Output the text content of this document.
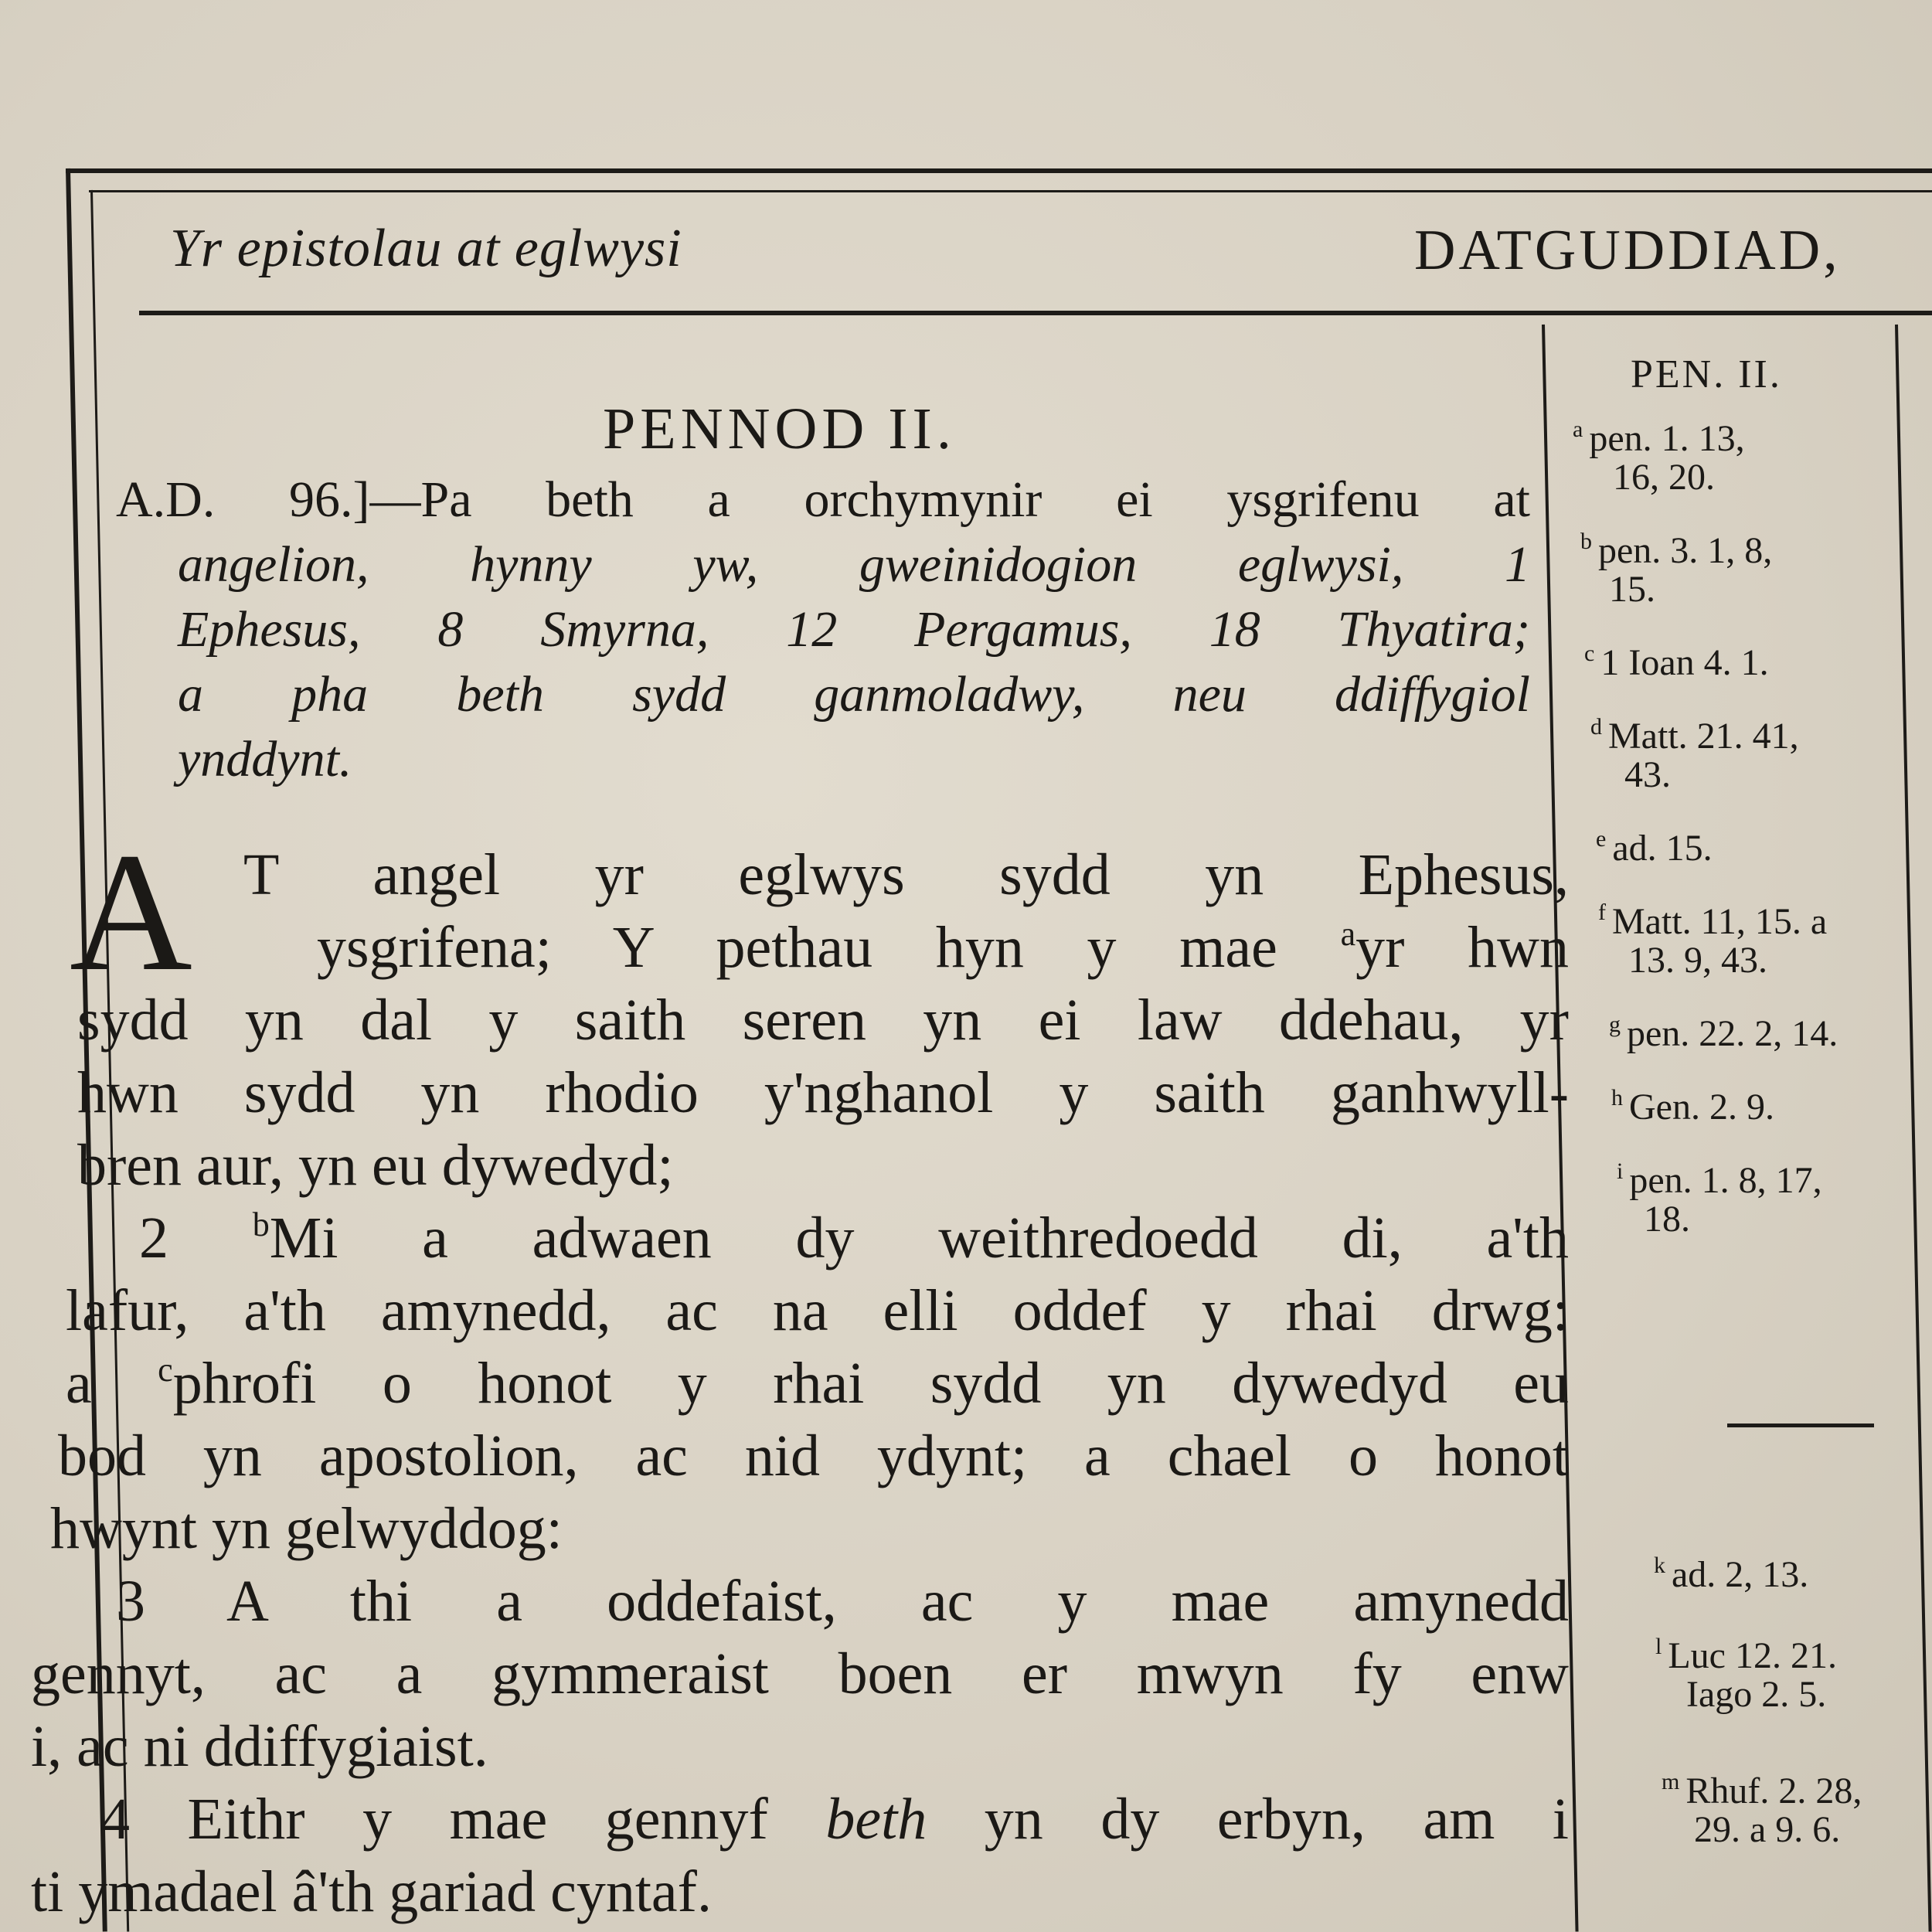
Yr epistolau at eglwysi	DATGUDDIAD,
PENNOD II.
A.D. 96.]—Pa beth a orchymynir ei ysgrifenu at
angelion, hynny yw, gweinidogion eglwysi, 1
Ephesus, 8 Smyrna, 12 Pergamus, 18 Thyatira;
a pha beth sydd ganmoladwy, neu ddiffygiol
ynddynt.
A T angel yr eglwys sydd yn Ephesus,
ysgrifena; Y pethau hyn y mae $^a$yr hwn
sydd yn dal y saith seren yn ei law ddehau, yr
hwn sydd yn rhodio y'nghanol y saith ganhwyll-
bren aur, yn eu dywedyd;
2 $^b$Mi a adwaen dy weithredoedd di, a'th
lafur, a'th amynedd, ac na elli oddef y rhai drwg:
a $^c$phrofi o honot y rhai sydd yn dywedyd eu
bod yn apostolion, ac nid ydynt; a chael o honot
hwynt yn gelwyddog:
3 A thi a oddefaist, ac y mae amynedd
gennyt, ac a gymmeraist boen er mwyn fy enw
i, ac ni ddiffygiaist.
4 Eithr y mae gennyf beth yn dy erbyn, am i
ti ymadael â'th gariad cyntaf.
PEN. II.
$^a$ pen. 1. 13,
16, 20.
$^b$ pen. 3. 1, 8,
15.
$^c$ 1 Ioan 4. 1.
$^d$ Matt. 21. 41,
43.
$^e$ ad. 15.
$^f$ Matt. 11, 15. a
13. 9, 43.
$^g$ pen. 22. 2, 14.
$^h$ Gen. 2. 9.
$^i$ pen. 1. 8, 17,
18.
$^k$ ad. 2, 13.
$^l$ Luc 12. 21.
Iago 2. 5.
$^m$ Rhuf. 2. 28,
29. a 9. 6.
